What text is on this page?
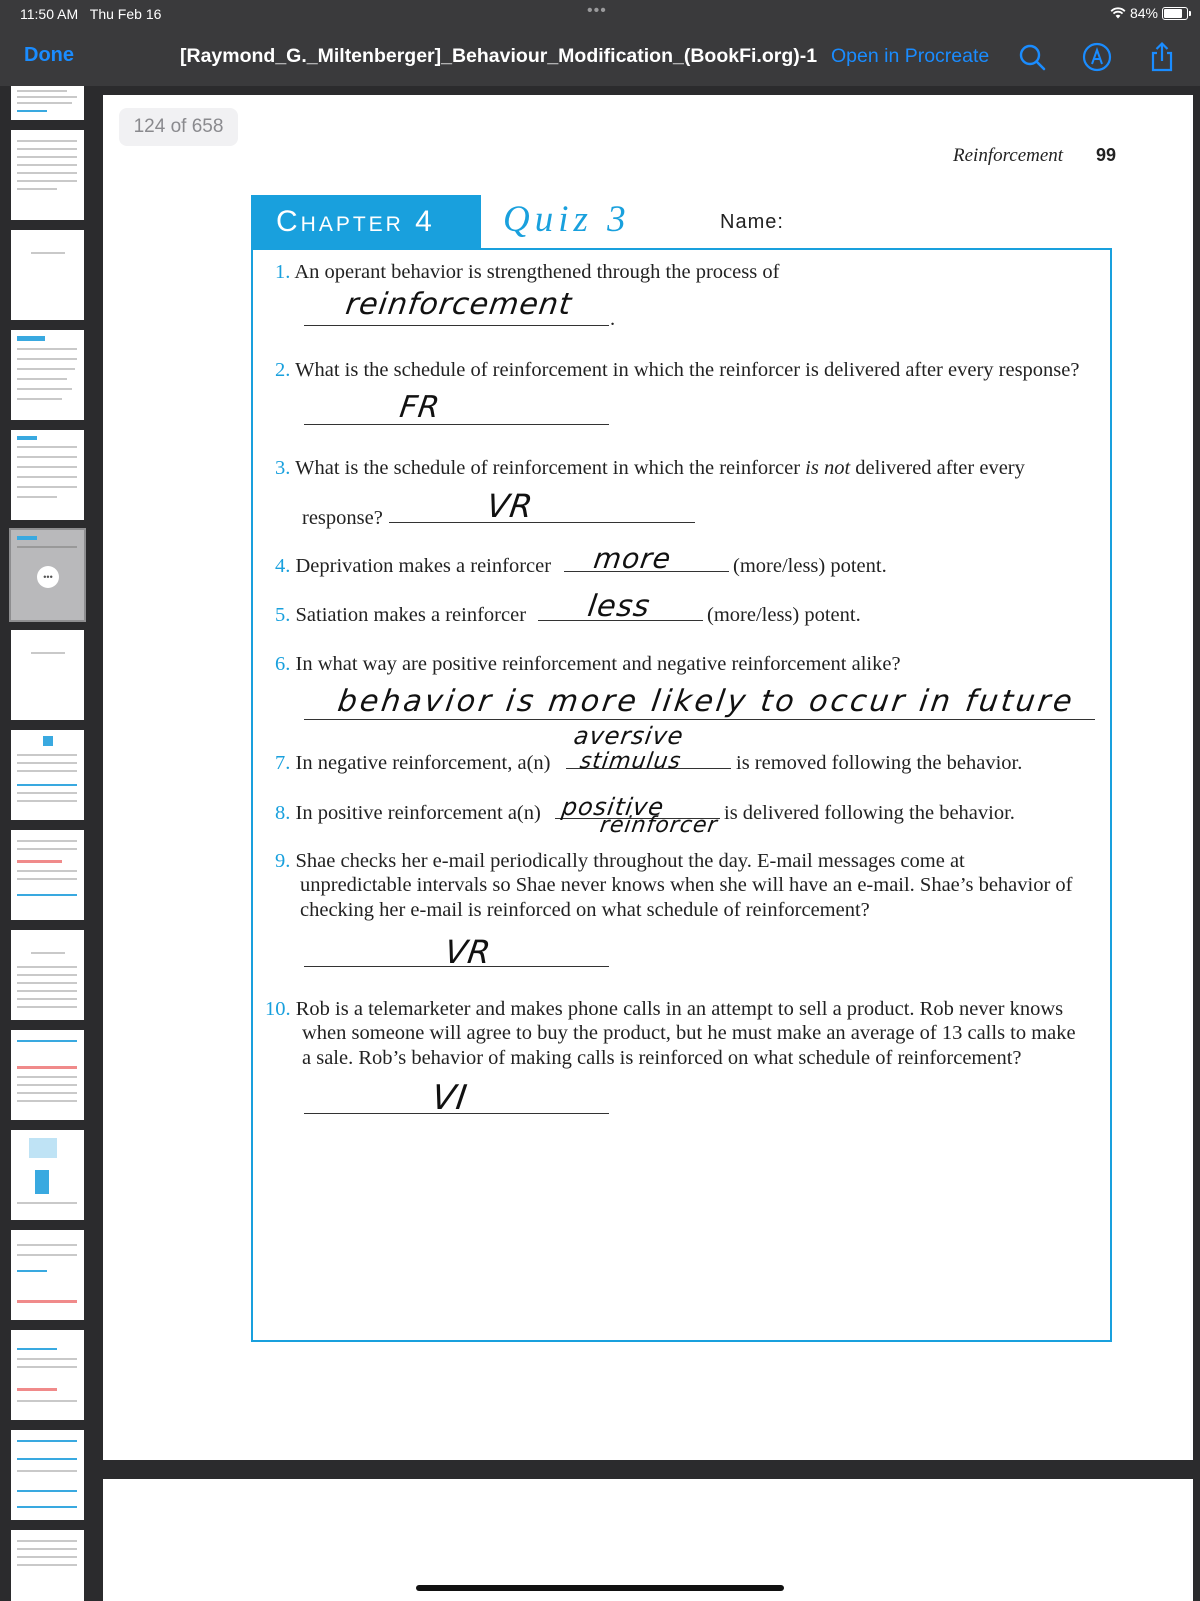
11:50 AM Thu Feb 16	•••	84%
Done	[Raymond_G._Miltenberger]_Behaviour_Modification_(BookFi.org)-1 Open in Procreate
•••
124 of 658
Reinforcement 99
Chapter 4	Quiz 3	Name:
1. An operant behavior is strengthened through the process of
.
reinforcement
2. What is the schedule of reinforcement in which the reinforcer is delivered after every response?
FR
3. What is the schedule of reinforcement in which the reinforcer is not delivered after every
response?	VR
4. Deprivation makes a reinforcer	(more/less) potent.
more
5. Satiation makes a reinforcer	(more/less) potent.
less
6. In what way are positive reinforcement and negative reinforcement alike?
behavior is more likely to occur in future
7. In negative reinforcement, a(n)	is removed following the behavior.
aversive
stimulus
8. In positive reinforcement a(n)	is delivered following the behavior.
positive
reinforcer
9. Shae checks her e-mail periodically throughout the day. E-mail messages come at
unpredictable intervals so Shae never knows when she will have an e-mail. Shae’s behavior of
checking her e-mail is reinforced on what schedule of reinforcement?
VR
10. Rob is a telemarketer and makes phone calls in an attempt to sell a product. Rob never knows
when someone will agree to buy the product, but he must make an average of 13 calls to make
a sale. Rob’s behavior of making calls is reinforced on what schedule of reinforcement?
VI
